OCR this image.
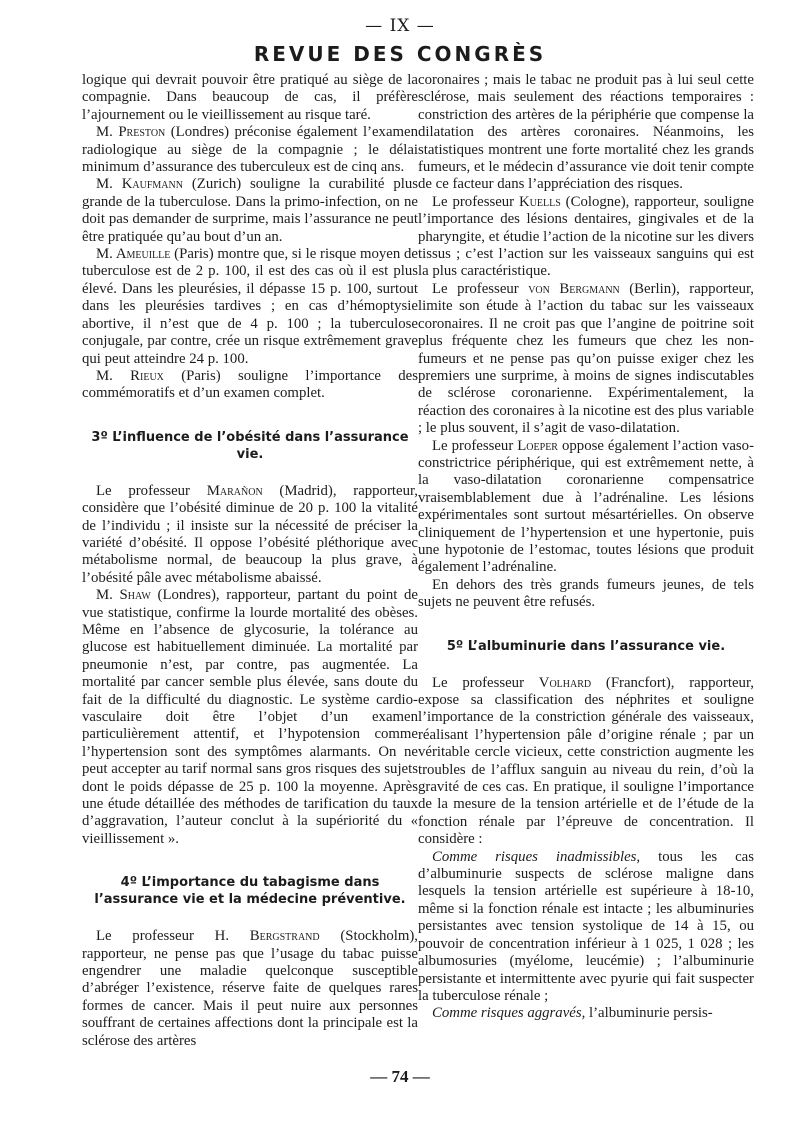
— IX —
REVUE DES CONGRÈS

logique qui devrait pouvoir être pratiqué au siège de la compagnie. Dans beaucoup de cas, il préfère l’ajournement ou le vieillissement au risque taré.

M. Preston (Londres) préconise également l’examen radiologique au siège de la compagnie ; le délai minimum d’assurance des tuberculeux est de cinq ans.

M. Kaufmann (Zurich) souligne la curabilité plus grande de la tuberculose. Dans la primo-infection, on ne doit pas demander de surprime, mais l’assurance ne peut être pratiquée qu’au bout d’un an.

M. Ameuille (Paris) montre que, si le risque moyen de tuberculose est de 2 p. 100, il est des cas où il est plus élevé. Dans les pleurésies, il dépasse 15 p. 100, surtout dans les pleurésies tardives ; en cas d’hémoptysie abortive, il n’est que de 4 p. 100 ; la tuberculose conjugale, par contre, crée un risque extrêmement grave qui peut atteindre 24 p. 100.

M. Rieux (Paris) souligne l’importance des commémoratifs et d’un examen complet.

3º L’influence de l’obésité dans l’assurance vie.

Le professeur Marañon (Madrid), rapporteur, considère que l’obésité diminue de 20 p. 100 la vitalité de l’individu ; il insiste sur la nécessité de préciser la variété d’obésité. Il oppose l’obésité pléthorique avec métabolisme normal, de beaucoup la plus grave, à l’obésité pâle avec métabolisme abaissé.

M. Shaw (Londres), rapporteur, partant du point de vue statistique, confirme la lourde mortalité des obèses. Même en l’absence de glycosurie, la tolérance au glucose est habituellement diminuée. La mortalité par pneumonie n’est, par contre, pas augmentée. La mortalité par cancer semble plus élevée, sans doute du fait de la difficulté du diagnostic. Le système cardio-vasculaire doit être l’objet d’un examen particulièrement attentif, et l’hypotension comme l’hypertension sont des symptômes alarmants. On ne peut accepter au tarif normal sans gros risques des sujets dont le poids dépasse de 25 p. 100 la moyenne. Après une étude détaillée des méthodes de tarification du taux d’aggravation, l’auteur conclut à la supériorité du « vieillissement ».

4º L’importance du tabagisme dans l’assurance vie et la médecine préventive.

Le professeur H. Bergstrand (Stockholm), rapporteur, ne pense pas que l’usage du tabac puisse engendrer une maladie quelconque susceptible d’abréger l’existence, réserve faite de quelques rares formes de cancer. Mais il peut nuire aux personnes souffrant de certaines affections dont la principale est la sclérose des artères

coronaires ; mais le tabac ne produit pas à lui seul cette sclérose, mais seulement des réactions temporaires : constriction des artères de la périphérie que compense la dilatation des artères coronaires. Néanmoins, les statistiques montrent une forte mortalité chez les grands fumeurs, et le médecin d’assurance vie doit tenir compte de ce facteur dans l’appréciation des risques.

Le professeur Kuells (Cologne), rapporteur, souligne l’importance des lésions dentaires, gingivales et de la pharyngite, et étudie l’action de la nicotine sur les divers tissus ; c’est l’action sur les vaisseaux sanguins qui est la plus caractéristique.

Le professeur von Bergmann (Berlin), rapporteur, limite son étude à l’action du tabac sur les vaisseaux coronaires. Il ne croit pas que l’angine de poitrine soit plus fréquente chez les fumeurs que chez les non-fumeurs et ne pense pas qu’on puisse exiger chez les premiers une surprime, à moins de signes indiscutables de sclérose coronarienne. Expérimentalement, la réaction des coronaires à la nicotine est des plus variable ; le plus souvent, il s’agit de vaso-dilatation.

Le professeur Loeper oppose également l’action vaso-constrictrice périphérique, qui est extrêmement nette, à la vaso-dilatation coronarienne compensatrice vraisemblablement due à l’adrénaline. Les lésions expérimentales sont surtout mésartérielles. On observe cliniquement de l’hypertension et une hypertonie, puis une hypotonie de l’estomac, toutes lésions que produit également l’adrénaline.

En dehors des très grands fumeurs jeunes, de tels sujets ne peuvent être refusés.

5º L’albuminurie dans l’assurance vie.

Le professeur Volhard (Francfort), rapporteur, expose sa classification des néphrites et souligne l’importance de la constriction générale des vaisseaux, réalisant l’hypertension pâle d’origine rénale ; par un véritable cercle vicieux, cette constriction augmente les troubles de l’afflux sanguin au niveau du rein, d’où la gravité de ces cas. En pratique, il souligne l’importance de la mesure de la tension artérielle et de l’étude de la fonction rénale par l’épreuve de concentration. Il considère :

Comme risques inadmissibles, tous les cas d’albuminurie suspects de sclérose maligne dans lesquels la tension artérielle est supérieure à 18-10, même si la fonction rénale est intacte ; les albuminuries persistantes avec tension systolique de 14 à 15, ou pouvoir de concentration inférieur à 1 025, 1 028 ; les albumosuries (myélome, leucémie) ; l’albuminurie persistante et intermittente avec pyurie qui fait suspecter la tuberculose rénale ;

Comme risques aggravés, l’albuminurie persis-

— 74 —
